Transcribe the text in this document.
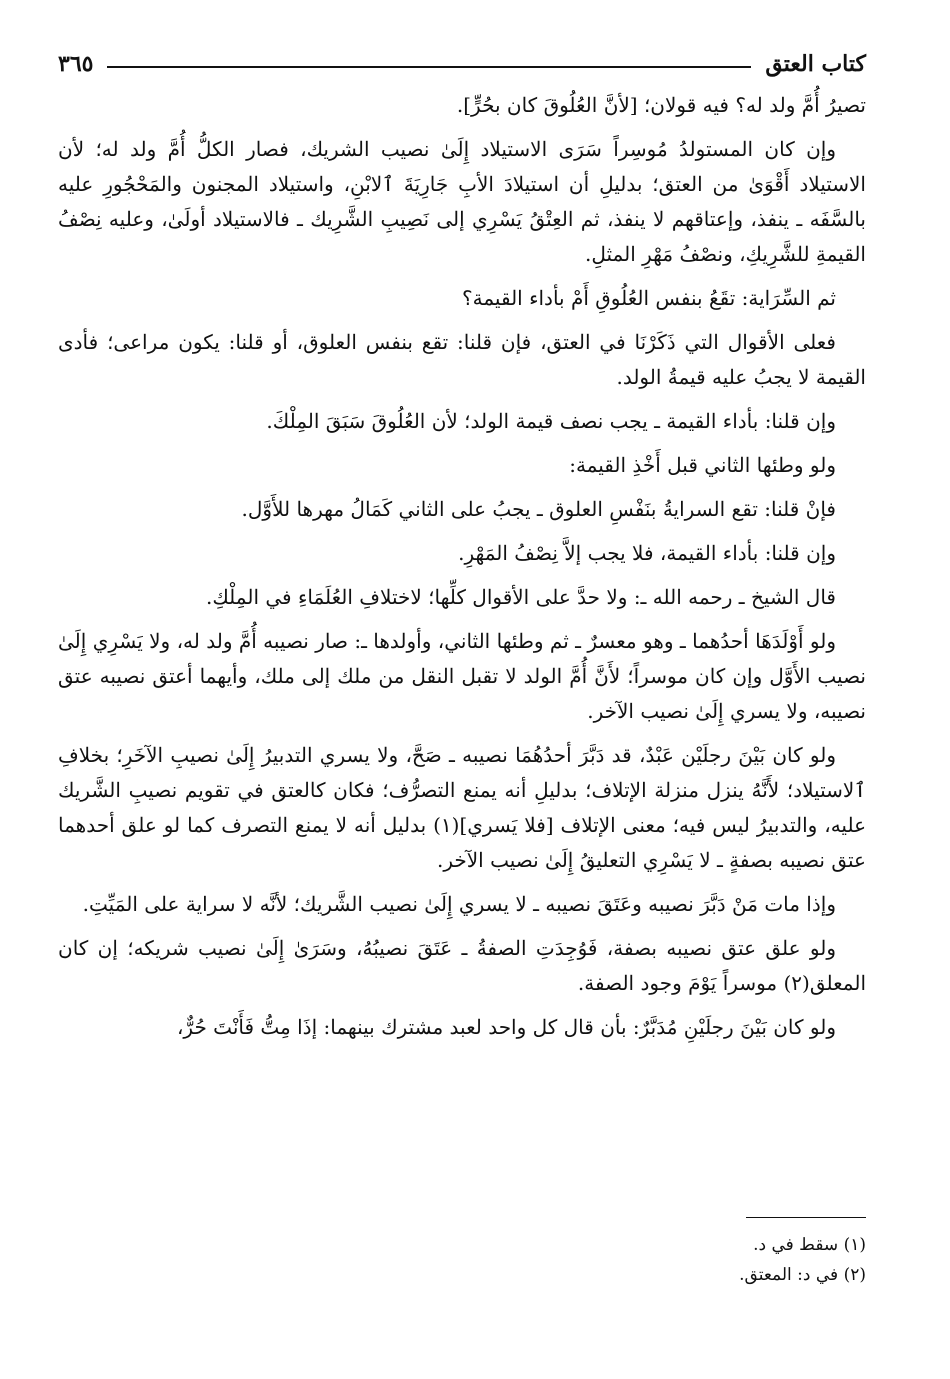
كتاب العتق
٣٦٥

تصيرُ أُمَّ ولد له؟ فيه قولان؛ [لأنَّ العُلُوقَ كان بحُرٍّ].

وإن كان المستولدُ مُوسِراً سَرَى الاستيلاد إِلَىٰ نصيب الشريك، فصار الكلُّ أُمَّ ولد له؛ لأن الاستيلاد أَقْوَىٰ من العتق؛ بدليلِ أن استيلادَ الأبِ جَارِيَةَ ٱلابْنِ، واستيلاد المجنون والمَحْجُورِ عليه بالسَّفَه ـ ينفذ، وإعتاقهم لا ينفذ، ثم العِتْقُ يَسْرِي إلى نَصِيبِ الشَّرِيك ـ فالاستيلاد أولَىٰ، وعليه نِصْفُ القيمةِ للشَّرِيكِ، ونصْفُ مَهْرِ المثلِ.

ثم السِّرَاية: تقَعُ بنفس العُلُوقِ أَمْ بأداء القيمة؟

فعلى الأقوال التي ذَكَرْنَا في العتق، فإن قلنا: تقع بنفس العلوق، أو قلنا: يكون مراعى؛ فأدى القيمة لا يجبُ عليه قيمةُ الولد.

وإن قلنا: بأداء القيمة ـ يجب نصف قيمة الولد؛ لأن العُلُوقَ سَبَقَ المِلْكَ.

ولو وطئها الثاني قبل أَخْذِ القيمة:

فإنْ قلنا: تقع السرايةُ بنَفْسِ العلوق ـ يجبُ على الثاني كَمَالُ مهرها للأَوَّل.

وإن قلنا: بأداء القيمة، فلا يجب إلاَّ نِصْفُ المَهْرِ.

قال الشيخ ـ رحمه الله ـ: ولا حدَّ على الأقوال كلِّها؛ لاختلافِ العُلَمَاءِ في المِلْكِ.

ولو أَوْلَدَهَا أحدُهما ـ وهو معسرٌ ـ ثم وطئها الثاني، وأولدها ـ: صار نصيبه أُمَّ ولد له، ولا يَسْرِي إِلَىٰ نصيب الأَوَّل وإن كان موسراً؛ لأَنَّ أُمَّ الولد لا تقبل النقل من ملك إلى ملك، وأيهما أعتق نصيبه عتق نصيبه، ولا يسري إِلَىٰ نصيب الآخر.

ولو كان بَيْنَ رجلَيْن عَبْدٌ، قد دَبَّرَ أحدُهُمَا نصيبه ـ صَحَّ، ولا يسري التدبيرُ إِلَىٰ نصيبِ الآخَرِ؛ بخلافِ ٱلاستيلاد؛ لأَنَّهُ ينزل منزلة الإتلاف؛ بدليلِ أنه يمنع التصرُّف؛ فكان كالعتق في تقويم نصيبِ الشَّريك عليه، والتدبيرُ ليس فيه؛ معنى الإتلاف [فلا يَسري](١) بدليل أنه لا يمنع التصرف كما لو علق أحدهما عتق نصيبه بصفةٍ ـ لا يَسْرِي التعليقُ إِلَىٰ نصيب الآخر.

وإذا مات مَنْ دَبَّرَ نصيبه وعَتَقَ نصيبه ـ لا يسري إِلَىٰ نصيب الشَّريك؛ لأنَّه لا سراية على المَيِّتِ.

ولو علق عتق نصيبه بصفة، فَوُجِدَتِ الصفةُ ـ عَتَقَ نصيبُهُ، وسَرَىٰ إِلَىٰ نصيب شريكه؛ إن كان المعلق(٢) موسراً يَوْمَ وجود الصفة.

ولو كان بَيْنَ رجلَيْنِ مُدَبَّرٌ: بأن قال كل واحد لعبد مشترك بينهما: إذَا مِتُّ فَأَنْتَ حُرٌّ،

(١) سقط في د.

(٢) في د: المعتق.
